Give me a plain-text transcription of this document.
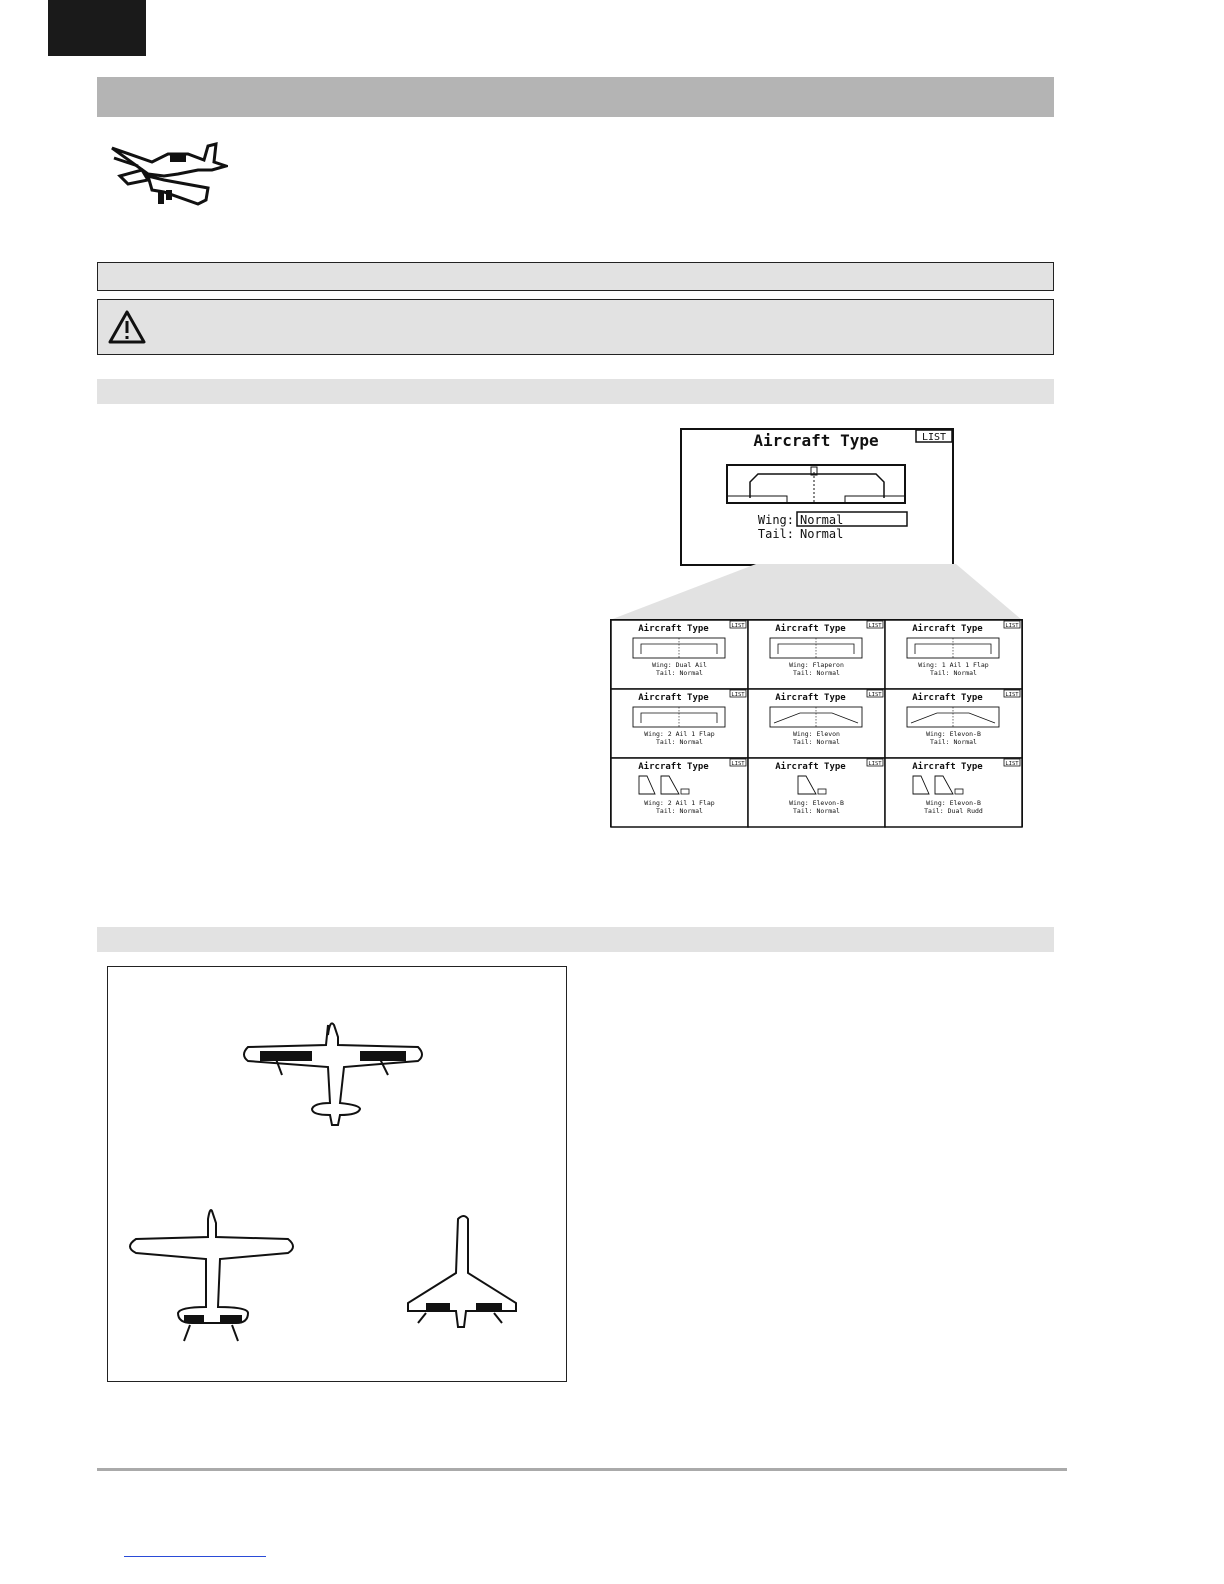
Aircraft Type	LIST
Wing: Normal
Tail: Normal
Aircraft Type	LIST
Wing: Dual Ail
Tail: Normal
Aircraft Type	LIST
Wing: Flaperon
Tail: Normal
Aircraft Type	LIST
Wing: 1 Ail 1 Flap
Tail: Normal
Aircraft Type	LIST
Wing: 2 Ail 1 Flap
Tail: Normal
Aircraft Type	LIST
Wing: Elevon
Tail: Normal
Aircraft Type	LIST
Wing: Elevon-B
Tail: Normal
Aircraft Type	LIST
Wing: 2 Ail 1 Flap
Tail: Normal
Aircraft Type	LIST
Wing: Elevon-B
Tail: Normal
Aircraft Type	LIST
Wing: Elevon-B
Tail: Dual Rudd
